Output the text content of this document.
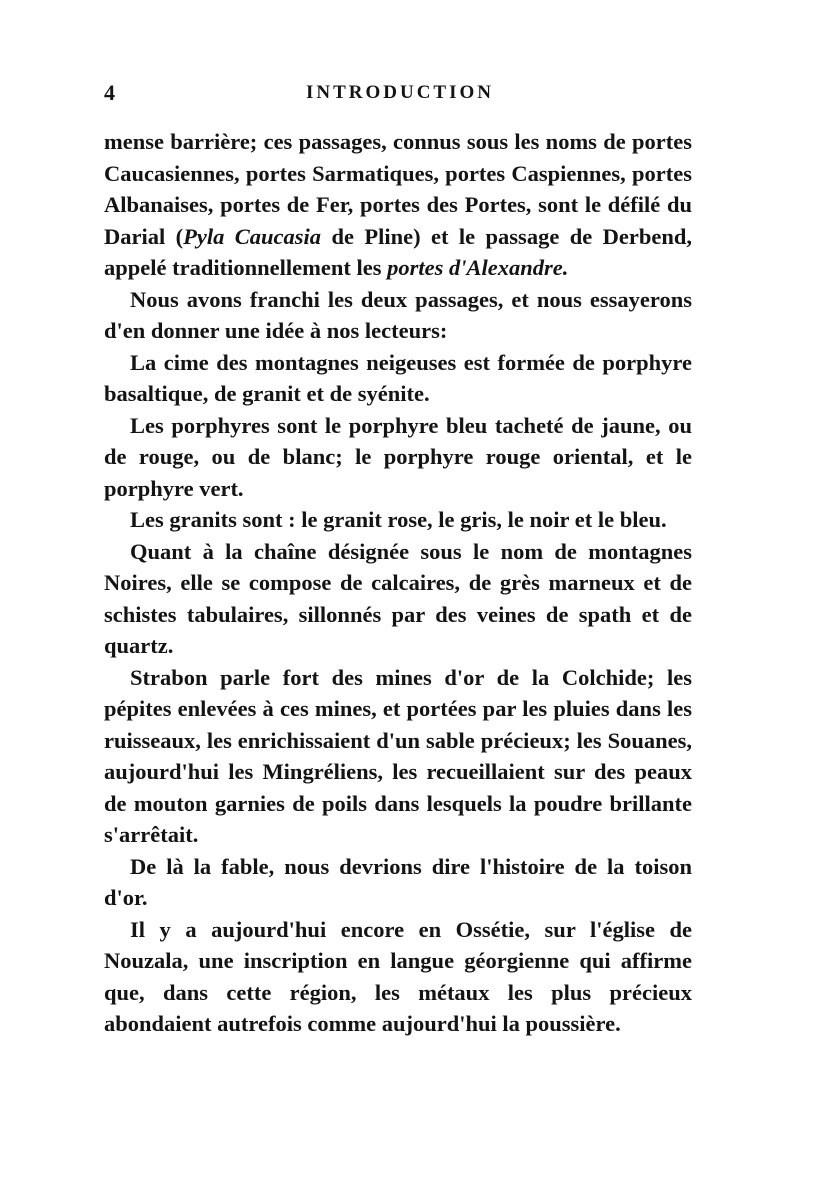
4	INTRODUCTION

mense barrière; ces passages, connus sous les noms de portes Caucasiennes, portes Sarmatiques, portes Caspiennes, portes Albanaises, portes de Fer, portes des Portes, sont le défilé du Darial (Pyla Caucasia de Pline) et le passage de Derbend, appelé traditionnellement les portes d'Alexandre.

Nous avons franchi les deux passages, et nous essayerons d'en donner une idée à nos lecteurs:

La cime des montagnes neigeuses est formée de porphyre basaltique, de granit et de syénite.

Les porphyres sont le porphyre bleu tacheté de jaune, ou de rouge, ou de blanc; le porphyre rouge oriental, et le porphyre vert.

Les granits sont : le granit rose, le gris, le noir et le bleu.

Quant à la chaîne désignée sous le nom de montagnes Noires, elle se compose de calcaires, de grès marneux et de schistes tabulaires, sillonnés par des veines de spath et de quartz.

Strabon parle fort des mines d'or de la Colchide; les pépites enlevées à ces mines, et portées par les pluies dans les ruisseaux, les enrichissaient d'un sable précieux; les Souanes, aujourd'hui les Mingréliens, les recueillaient sur des peaux de mouton garnies de poils dans lesquels la poudre brillante s'arrêtait.

De là la fable, nous devrions dire l'histoire de la toison d'or.

Il y a aujourd'hui encore en Ossétie, sur l'église de Nouzala, une inscription en langue géorgienne qui affirme que, dans cette région, les métaux les plus précieux abondaient autrefois comme aujourd'hui la poussière.
